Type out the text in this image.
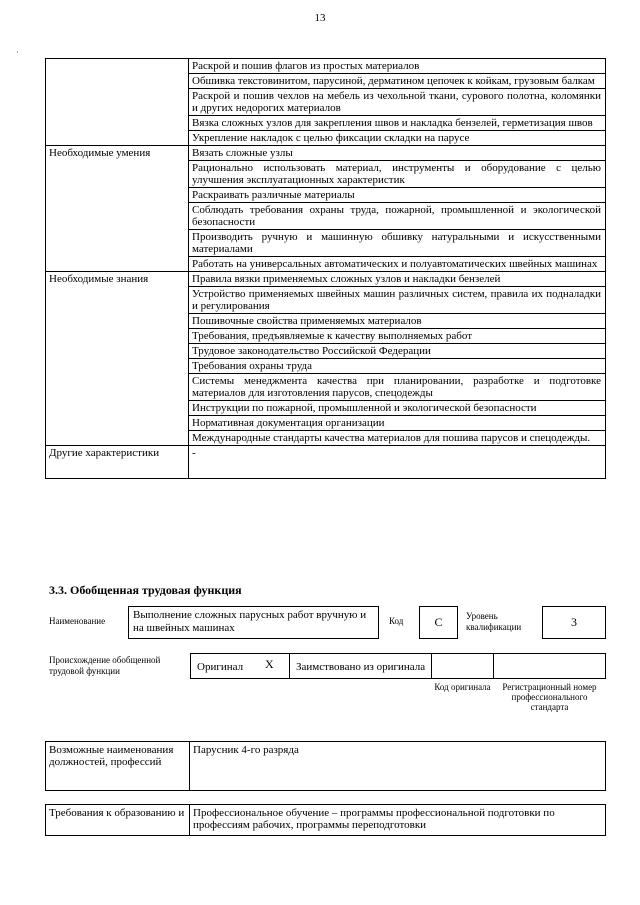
13
·
	Раскрой и пошив флагов из простых материалов
	Обшивка текстовинитом, парусиной, дерматином цепочек к койкам, грузовым балкам
	Раскрой и пошив чехлов на мебель из чехольной ткани, сурового полотна, коломянки и других недорогих материалов
	Вязка сложных узлов для закрепления швов и накладка бензелей, герметизация швов
	Укрепление накладок с целью фиксации складки на парусе
Необходимые умения	Вязать сложные узлы
	Рационально использовать материал, инструменты и оборудование с целью улучшения эксплуатационных характеристик
	Раскраивать различные материалы
	Соблюдать требования охраны труда, пожарной, промышленной и экологической безопасности
	Производить ручную и машинную обшивку натуральными и искусственными материалами
	Работать на универсальных автоматических и полуавтоматических швейных машинах
Необходимые знания	Правила вязки применяемых сложных узлов и накладки бензелей
	Устройство применяемых швейных машин различных систем, правила их подналадки и регулирования
	Пошивочные свойства применяемых материалов
	Требования, предъявляемые к качеству выполняемых работ
	Трудовое законодательство Российской Федерации
	Требования охраны труда
	Системы менеджмента качества при планировании, разработке и подготовке материалов для изготовления парусов, спецодежды
	Инструкции по пожарной, промышленной и экологической безопасности
	Нормативная документация организации
	Международные стандарты качества материалов для пошива парусов и спецодежды.
Другие характеристики	-
3.3. Обобщенная трудовая функция
Наименование	Выполнение сложных парусных работ вручную и на швейных машинах
Код	C	Уровень квалификации	3
Происхождение обобщенной трудовой функции	Оригинал X Заимствовано из оригинала
Код оригинала	Регистрационный номер профессионального стандарта
Возможные наименования должностей, профессий	Парусник 4-го разряда
Требования к образованию и	Профессиональное обучение – программы профессиональной подготовки по профессиям рабочих, программы переподготовки
